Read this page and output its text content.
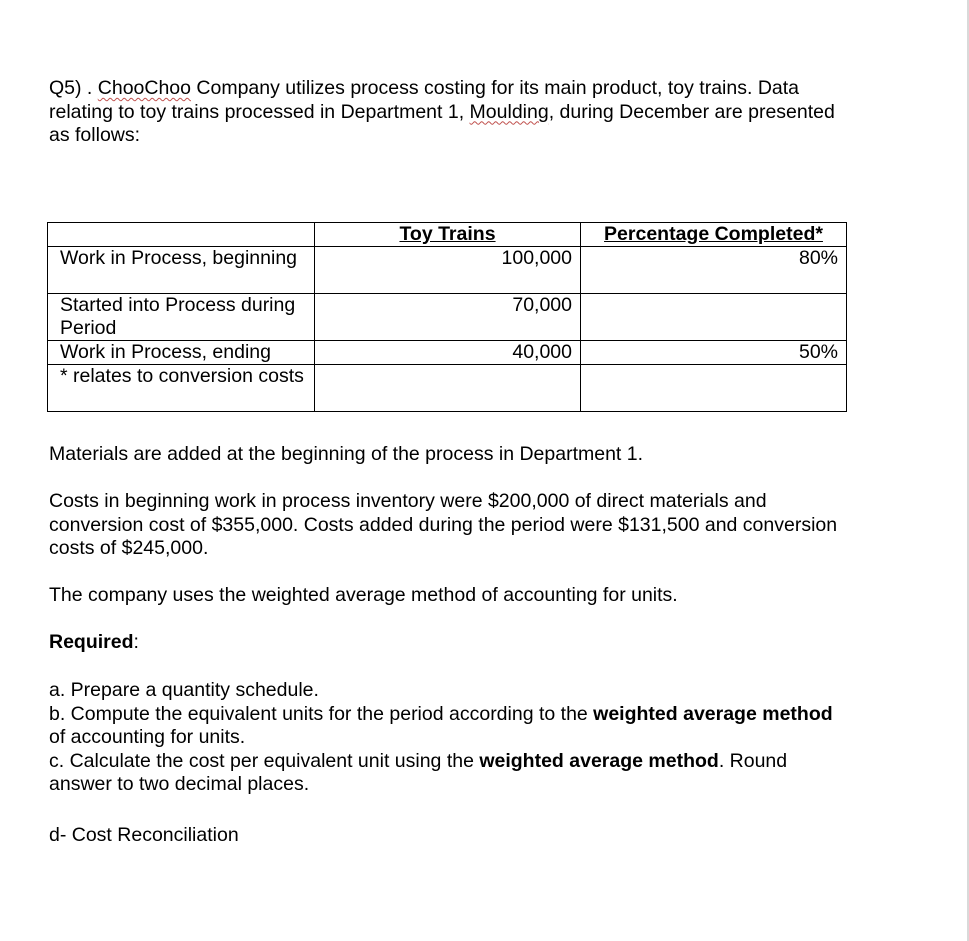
Q5) . ChooChoo Company utilizes process costing for its main product, toy trains. Data relating to toy trains processed in Department 1, Moulding, during December are presented as follows:

	Toy Trains	Percentage Completed*

Work in Process, beginning	100,000	80%
Started into Process during Period	70,000	
Work in Process, ending	40,000	50%
* relates to conversion costs		
Materials are added at the beginning of the process in Department 1.
Costs in beginning work in process inventory were $200,000 of direct materials and conversion cost of $355,000. Costs added during the period were $131,500 and conversion costs of $245,000.
The company uses the weighted average method of accounting for units.
Required:
a. Prepare a quantity schedule.
b. Compute the equivalent units for the period according to the weighted average method of accounting for units.
c. Calculate the cost per equivalent unit using the weighted average method. Round answer to two decimal places.
d- Cost Reconciliation
